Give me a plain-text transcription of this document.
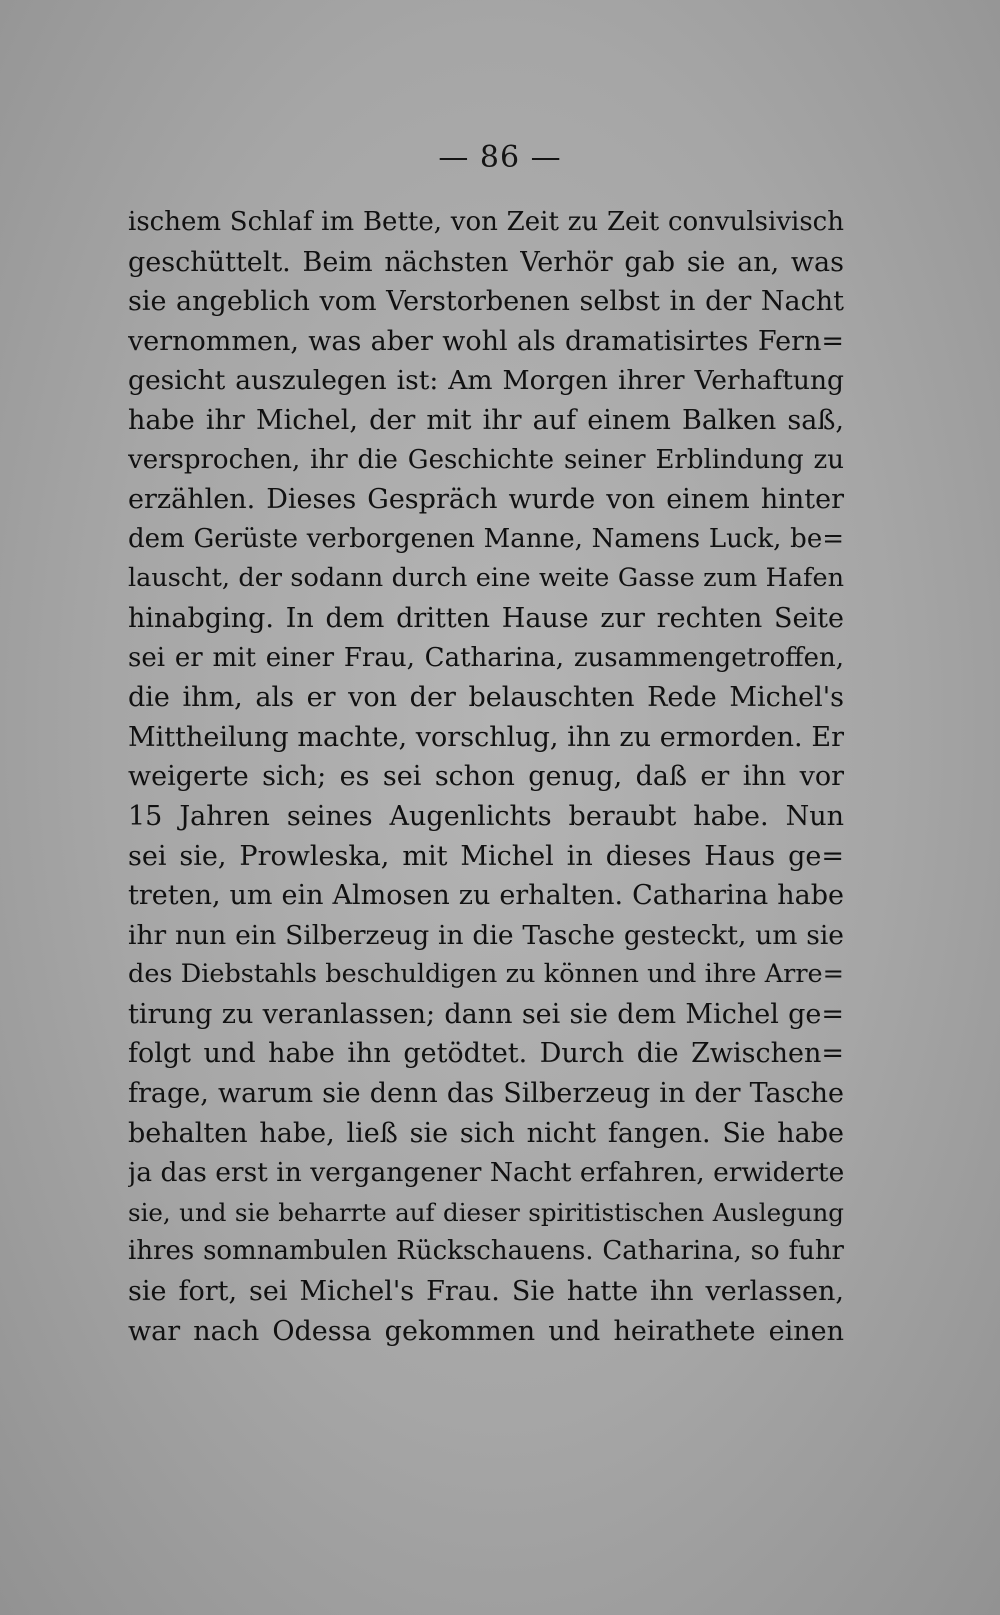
— 86 —
ischem Schlaf im Bette, von Zeit zu Zeit convulsivisch
geschüttelt. Beim nächsten Verhör gab sie an, was
sie angeblich vom Verstorbenen selbst in der Nacht
vernommen, was aber wohl als dramatisirtes Fern=
gesicht auszulegen ist: Am Morgen ihrer Verhaftung
habe ihr Michel, der mit ihr auf einem Balken saß,
versprochen, ihr die Geschichte seiner Erblindung zu
erzählen. Dieses Gespräch wurde von einem hinter
dem Gerüste verborgenen Manne, Namens Luck, be=
lauscht, der sodann durch eine weite Gasse zum Hafen
hinabging. In dem dritten Hause zur rechten Seite
sei er mit einer Frau, Catharina, zusammengetroffen,
die ihm, als er von der belauschten Rede Michel's
Mittheilung machte, vorschlug, ihn zu ermorden. Er
weigerte sich; es sei schon genug, daß er ihn vor
15 Jahren seines Augenlichts beraubt habe. Nun
sei sie, Prowleska, mit Michel in dieses Haus ge=
treten, um ein Almosen zu erhalten. Catharina habe
ihr nun ein Silberzeug in die Tasche gesteckt, um sie
des Diebstahls beschuldigen zu können und ihre Arre=
tirung zu veranlassen; dann sei sie dem Michel ge=
folgt und habe ihn getödtet. Durch die Zwischen=
frage, warum sie denn das Silberzeug in der Tasche
behalten habe, ließ sie sich nicht fangen. Sie habe
ja das erst in vergangener Nacht erfahren, erwiderte
sie, und sie beharrte auf dieser spiritistischen Auslegung
ihres somnambulen Rückschauens. Catharina, so fuhr
sie fort, sei Michel's Frau. Sie hatte ihn verlassen,
war nach Odessa gekommen und heirathete einen
